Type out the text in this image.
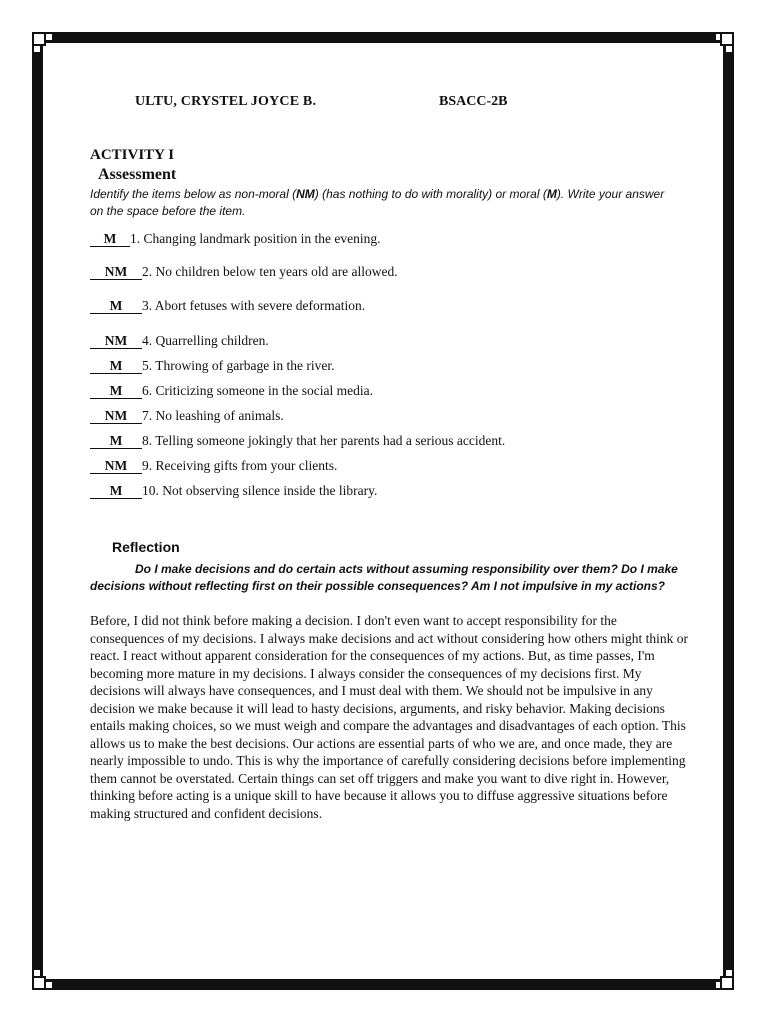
ULTU, CRYSTEL JOYCE B.	BSACC-2B
ACTIVITY I
Assessment
Identify the items below as non-moral (NM) (has nothing to do with morality) or moral (M). Write your answer on the space before the item.
M 1. Changing landmark position in the evening.
NM 2. No children below ten years old are allowed.
M 3. Abort fetuses with severe deformation.
NM 4. Quarrelling children.
M 5. Throwing of garbage in the river.
M 6. Criticizing someone in the social media.
NM 7. No leashing of animals.
M 8. Telling someone jokingly that her parents had a serious accident.
NM 9. Receiving gifts from your clients.
M 10. Not observing silence inside the library.
Reflection
Do I make decisions and do certain acts without assuming responsibility over them? Do I make decisions without reflecting first on their possible consequences? Am I not impulsive in my actions?
Before, I did not think before making a decision. I don't even want to accept responsibility for the consequences of my decisions. I always make decisions and act without considering how others might think or react. I react without apparent consideration for the consequences of my actions. But, as time passes, I'm becoming more mature in my decisions. I always consider the consequences of my decisions first. My decisions will always have consequences, and I must deal with them. We should not be impulsive in any decision we make because it will lead to hasty decisions, arguments, and risky behavior. Making decisions entails making choices, so we must weigh and compare the advantages and disadvantages of each option. This allows us to make the best decisions. Our actions are essential parts of who we are, and once made, they are nearly impossible to undo. This is why the importance of carefully considering decisions before implementing them cannot be overstated. Certain things can set off triggers and make you want to dive right in. However, thinking before acting is a unique skill to have because it allows you to diffuse aggressive situations before making structured and confident decisions.
